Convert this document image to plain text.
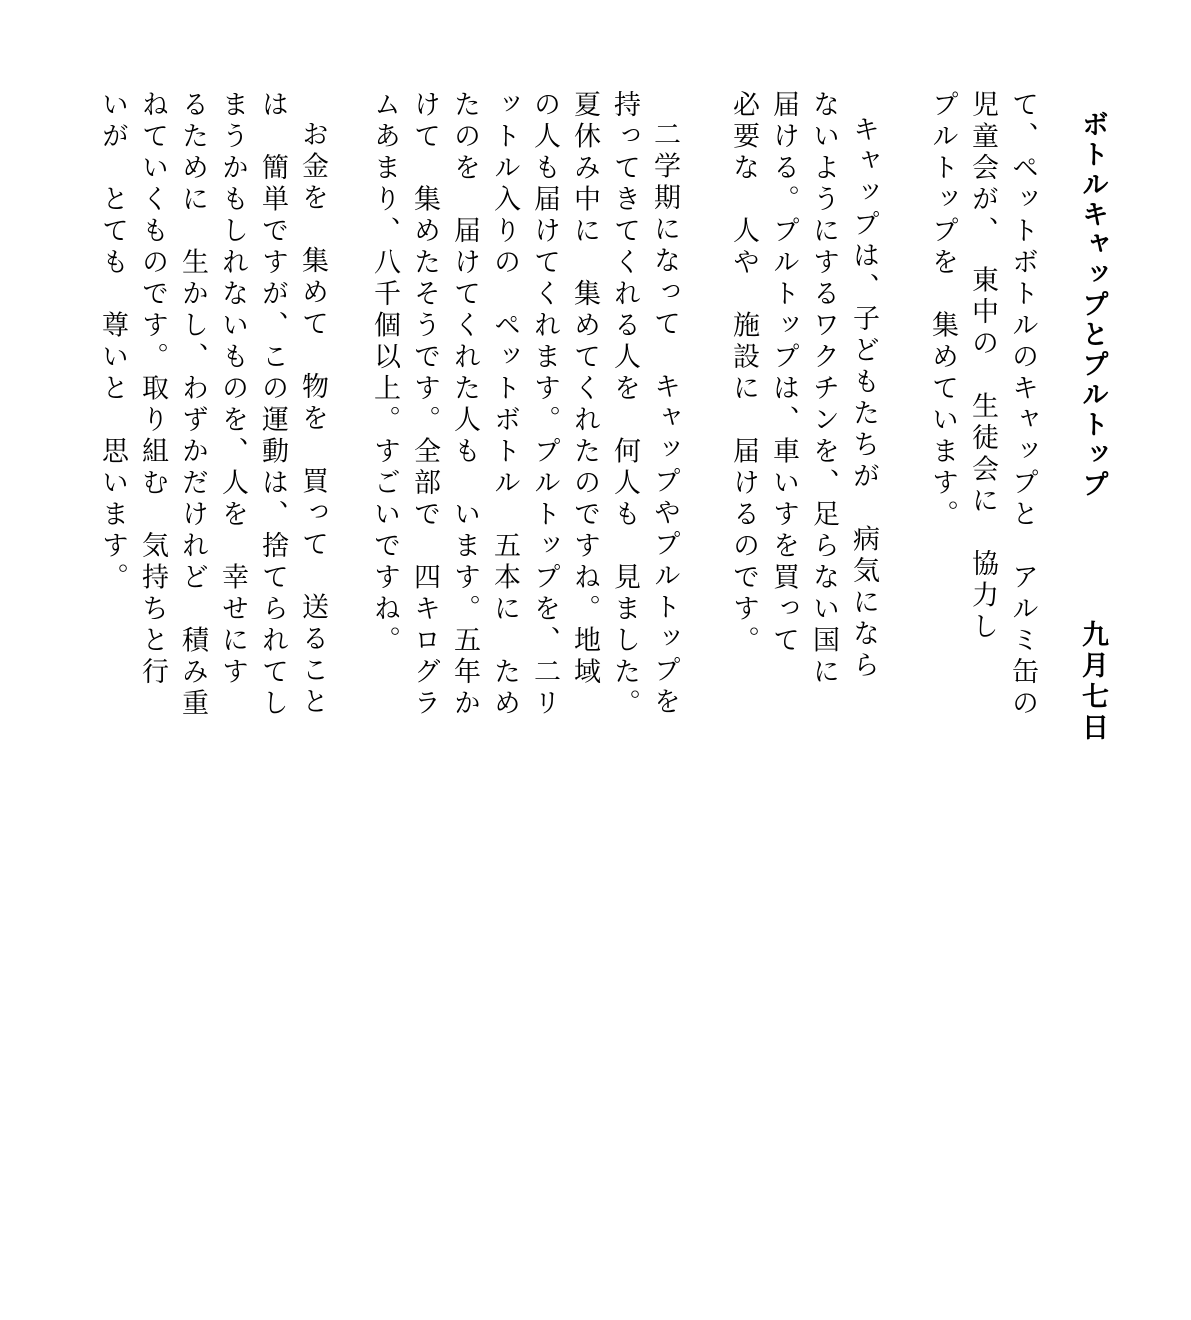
ボトルキャップとプルトップ
九月七日
て、ペットボトルのキャップと　アルミ缶の
児童会が、　東中の　生徒会に　協力し
プルトップを　集めています。
キャップは、子どもたちが　病気になら
ないようにするワクチンを、足らない国に
届ける。プルトップは、車いすを買って
必要な　人や　施設に　届けるのです。
二学期になって　キャップやプルトップを
持ってきてくれる人を　何人も　見ました。
夏休み中に　集めてくれたのですね。地域
の人も届けてくれます。プルトップを、二リ
ットル入りの　ペットボトル　五本に　ため
たのを　届けてくれた人も　います。五年か
けて　集めたそうです。全部で　四キログラ
ムあまり、八千個以上。すごいですね。
お金を　集めて　物を　買って　送ること
は　簡単ですが、この運動は、捨てられてし
まうかもしれないものを、人を　幸せにす
るために　生かし、わずかだけれど　積み重
ねていくものです。取り組む　気持ちと行
いが　とても　尊いと　思います。
